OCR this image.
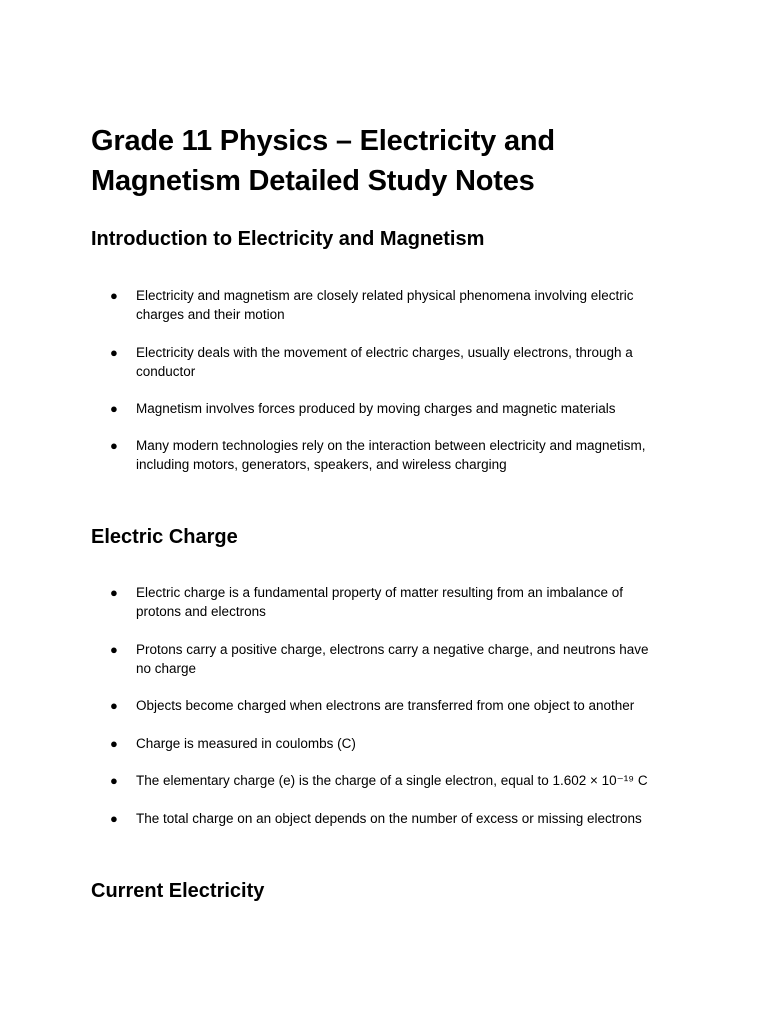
Grade 11 Physics – Electricity and Magnetism Detailed Study Notes
Introduction to Electricity and Magnetism
● Electricity and magnetism are closely related physical phenomena involving electric charges and their motion
● Electricity deals with the movement of electric charges, usually electrons, through a conductor
● Magnetism involves forces produced by moving charges and magnetic materials
● Many modern technologies rely on the interaction between electricity and magnetism, including motors, generators, speakers, and wireless charging
Electric Charge
● Electric charge is a fundamental property of matter resulting from an imbalance of protons and electrons
● Protons carry a positive charge, electrons carry a negative charge, and neutrons have no charge
● Objects become charged when electrons are transferred from one object to another
● Charge is measured in coulombs (C)
● The elementary charge (e) is the charge of a single electron, equal to 1.602 × 10⁻¹⁹ C
● The total charge on an object depends on the number of excess or missing electrons
Current Electricity
